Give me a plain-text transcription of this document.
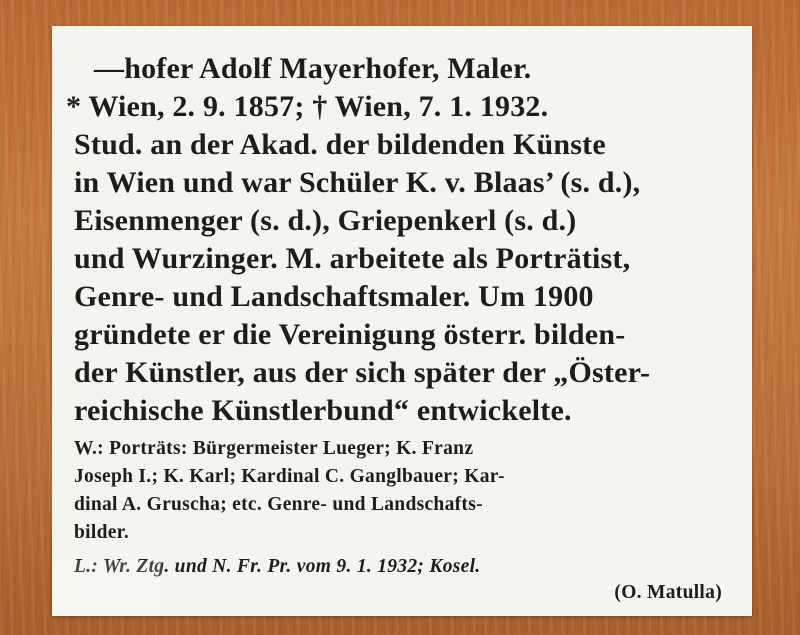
—hofer Adolf Mayerhofer, Maler.
* Wien, 2. 9. 1857; † Wien, 7. 1. 1932.
Stud. an der Akad. der bildenden Künste
in Wien und war Schüler K. v. Blaas’ (s. d.),
Eisenmenger (s. d.), Griepenkerl (s. d.)
und Wurzinger. M. arbeitete als Porträtist,
Genre- und Landschaftsmaler. Um 1900
gründete er die Vereinigung österr. bilden-
der Künstler, aus der sich später der „Öster-
reichische Künstlerbund“ entwickelte.
W.: Porträts: Bürgermeister Lueger; K. Franz
Joseph I.; K. Karl; Kardinal C. Ganglbauer; Kar-
dinal A. Gruscha; etc. Genre- und Landschafts-
bilder.
L.: Wr. Ztg. und N. Fr. Pr. vom 9. 1. 1932; Kosel.
(O. Matulla)
